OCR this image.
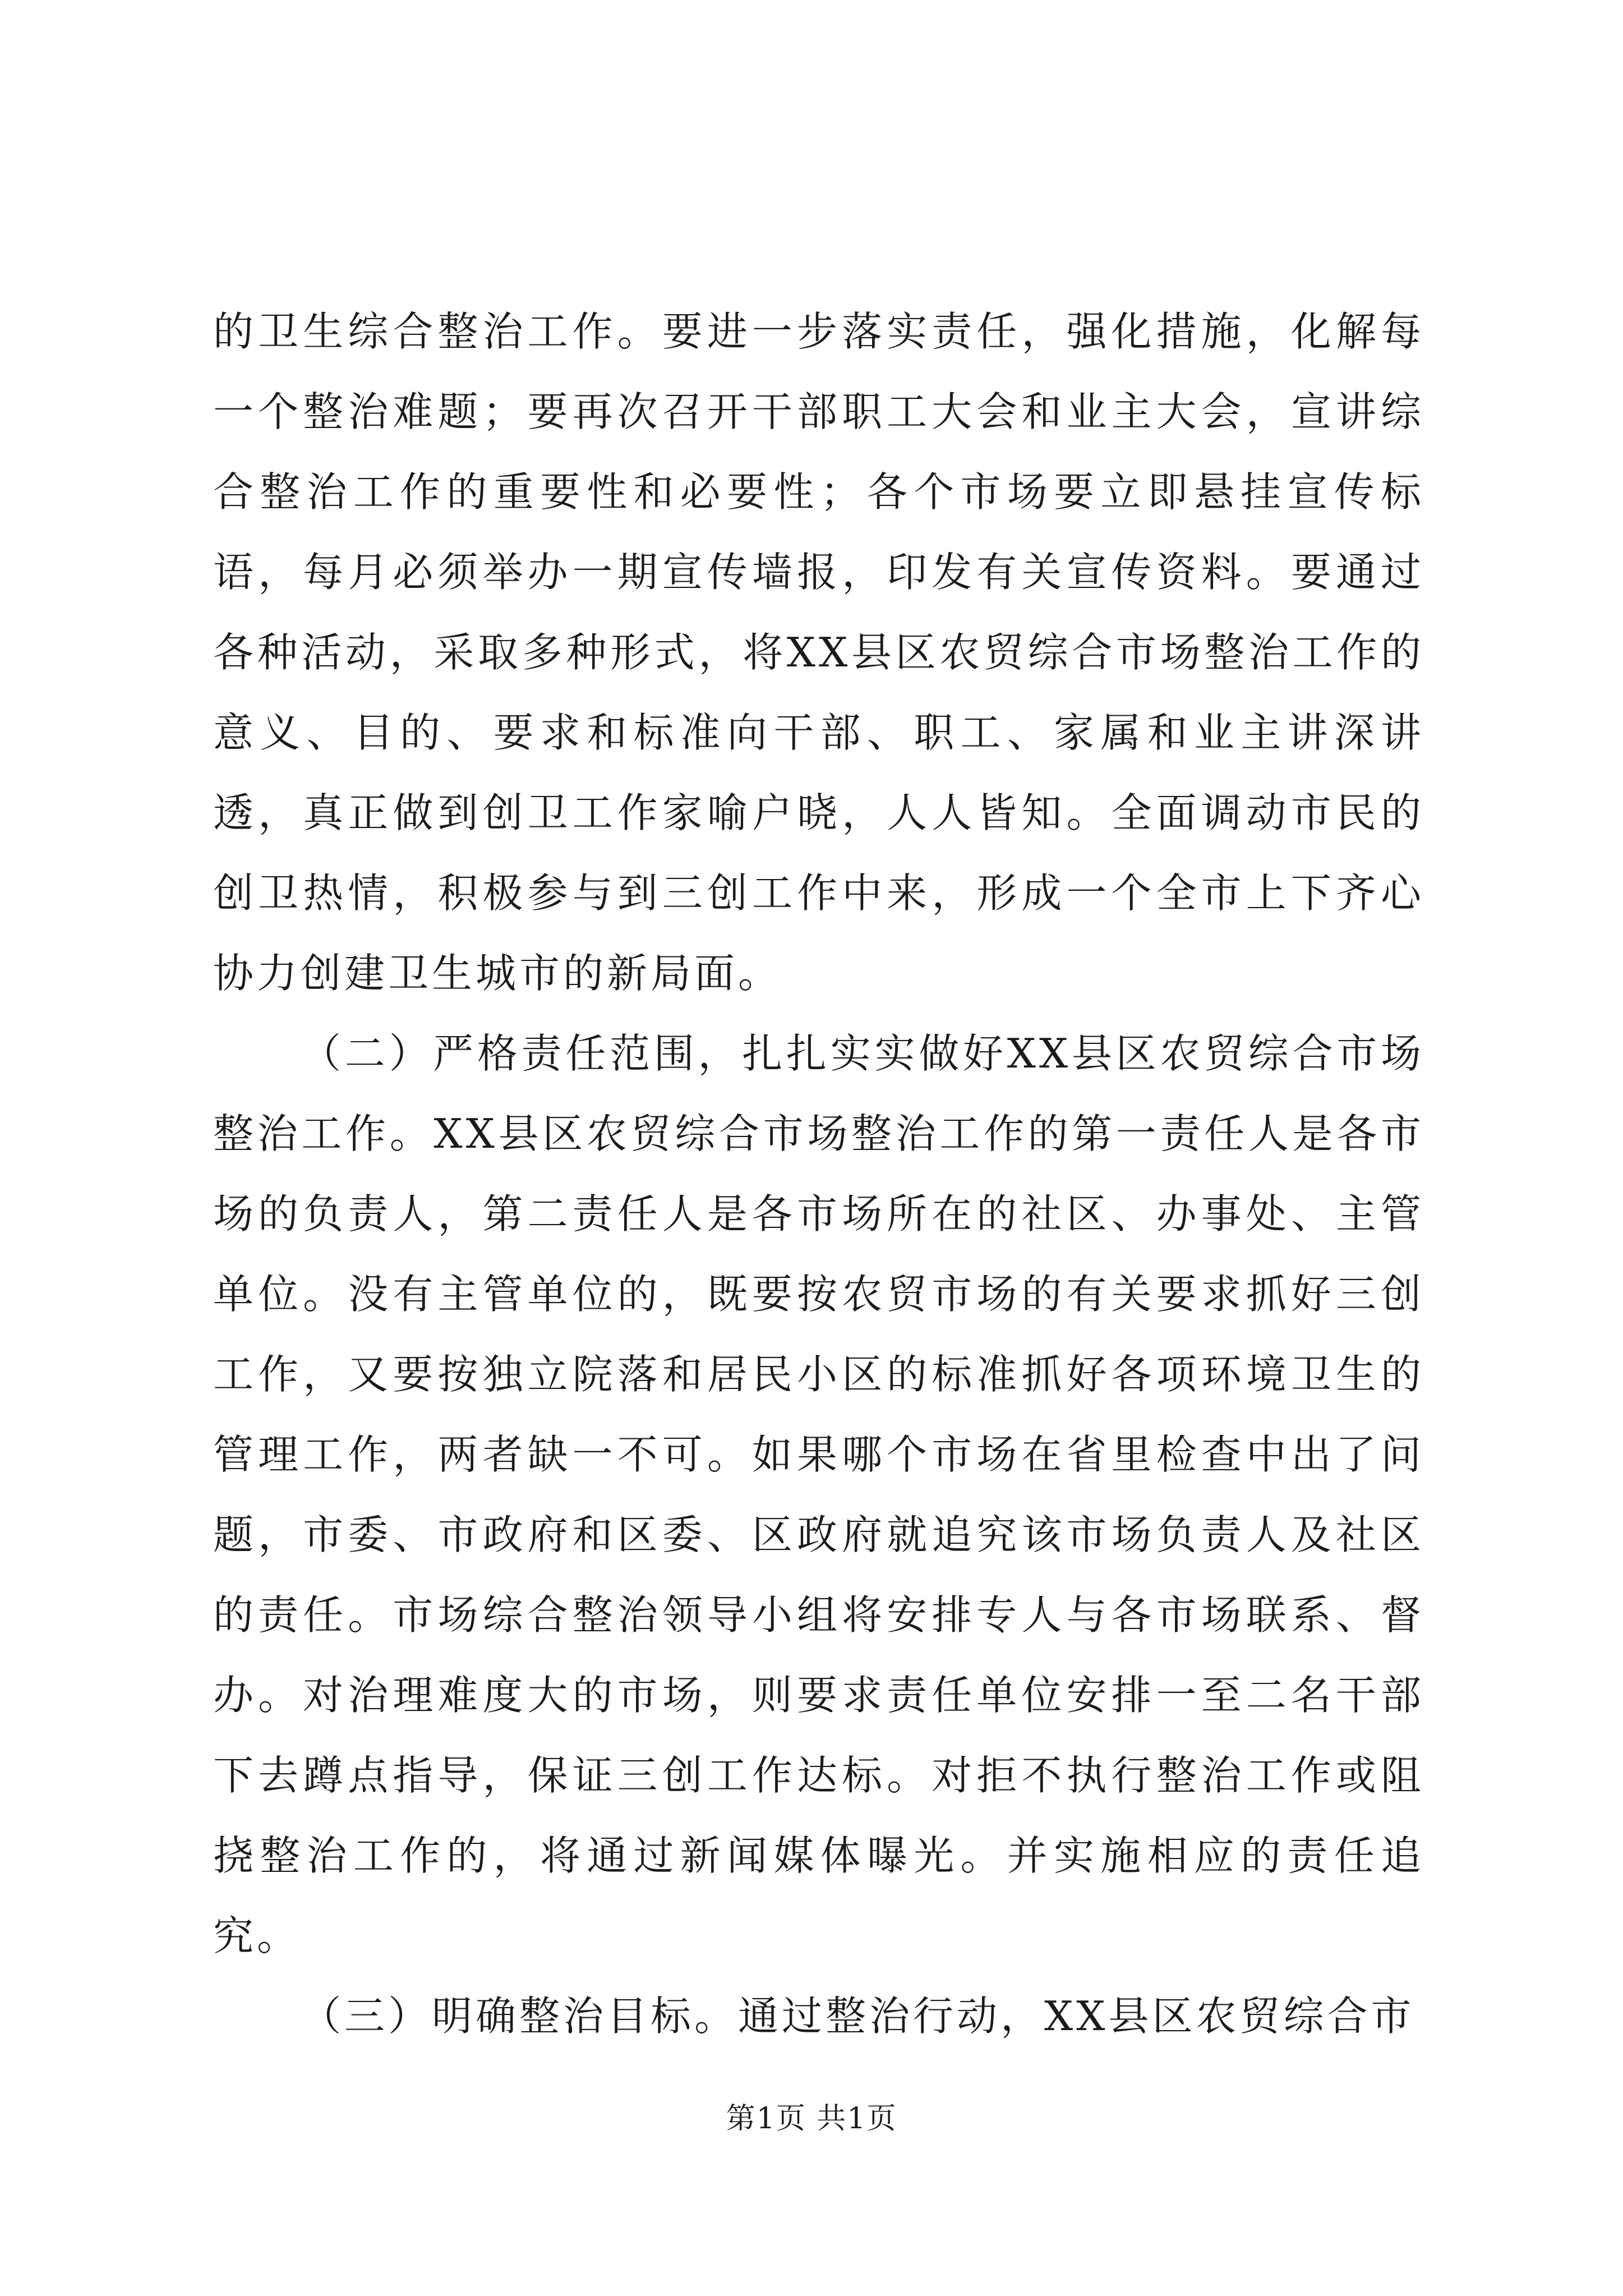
的卫生综合整治工作。要进一步落实责任，强化措施，化解每一个整治难题；要再次召开干部职工大会和业主大会，宣讲综合整治工作的重要性和必要性；各个市场要立即悬挂宣传标语，每月必须举办一期宣传墙报，印发有关宣传资料。要通过各种活动，采取多种形式，将XX县区农贸综合市场整治工作的意义、目的、要求和标准向干部、职工、家属和业主讲深讲透，真正做到创卫工作家喻户晓，人人皆知。全面调动市民的创卫热情，积极参与到三创工作中来，形成一个全市上下齐心协力创建卫生城市的新局面。

（二）严格责任范围，扎扎实实做好XX县区农贸综合市场整治工作。XX县区农贸综合市场整治工作的第一责任人是各市场的负责人，第二责任人是各市场所在的社区、办事处、主管单位。没有主管单位的，既要按农贸市场的有关要求抓好三创工作，又要按独立院落和居民小区的标准抓好各项环境卫生的管理工作，两者缺一不可。如果哪个市场在省里检查中出了问题，市委、市政府和区委、区政府就追究该市场负责人及社区的责任。市场综合整治领导小组将安排专人与各市场联系、督办。对治理难度大的市场，则要求责任单位安排一至二名干部下去蹲点指导，保证三创工作达标。对拒不执行整治工作或阻挠整治工作的，将通过新闻媒体曝光。并实施相应的责任追究。

（三）明确整治目标。通过整治行动，XX县区农贸综合市

第1页 共1页
